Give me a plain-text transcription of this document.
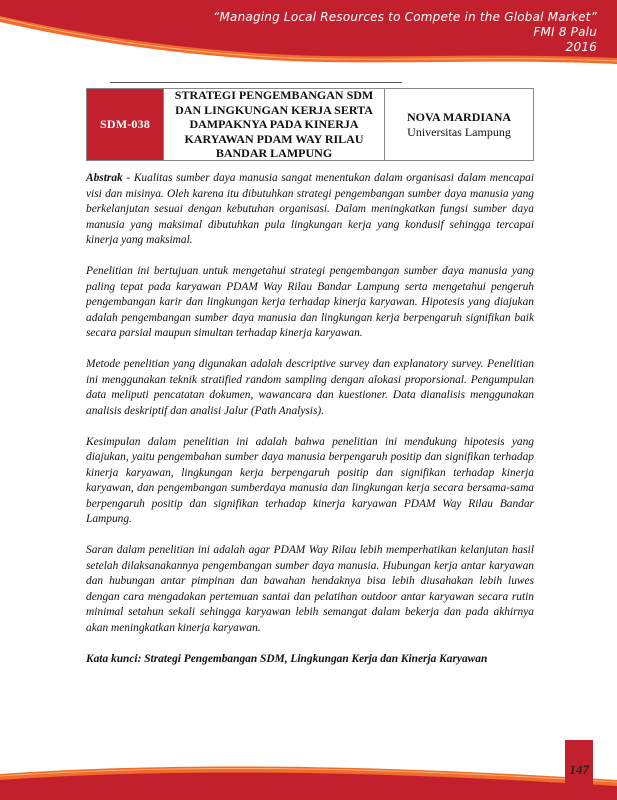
“Managing Local Resources to Compete in the Global Market”
FMI 8 Palu
2016
SDM-038
STRATEGI PENGEMBANGAN SDM
DAN LINGKUNGAN KERJA SERTA
DAMPAKNYA PADA KINERJA
KARYAWAN PDAM WAY RILAU
BANDAR LAMPUNG
NOVA MARDIANA
Universitas Lampung

Abstrak - Kualitas sumber daya manusia sangat menentukan dalam organisasi dalam mencapai visi dan misinya. Oleh karena itu dibutuhkan strategi pengembangan sumber daya manusia yang berkelanjutan sesuai dengan kebutuhan organisasi. Dalam meningkatkan fungsi sumber daya manusia yang maksimal dibutuhkan pula lingkungan kerja yang kondusif sehingga tercapai kinerja yang maksimal.

Penelitian ini bertujuan untuk mengetahui strategi pengembangan sumber daya manusia yang paling tepat pada karyawan PDAM Way Rilau Bandar Lampung serta mengetahui pengeruh pengembangan karir dan lingkungan kerja terhadap kinerja karyawan. Hipotesis yang diajukan adalah pengembangan sumber daya manusia dan lingkungan kerja berpengaruh signifikan baik secara parsial maupun simultan terhadap kinerja karyawan.

Metode penelitian yang digunakan adalah descriptive survey dan explanatory survey. Penelitian ini menggunakan teknik stratified random sampling dengan alokasi proporsional. Pengumpulan data meliputi pencatatan dokumen, wawancara dan kuestioner. Data dianalisis menggunakan analisis deskriptif dan analisi Jalur (Path Analysis).

Kesimpulan dalam penelitian ini adalah bahwa penelitian ini mendukung hipotesis yang diajukan, yaitu pengembahan sumber daya manusia berpengaruh positip dan signifikan terhadap kinerja karyawan, lingkungan kerja berpengaruh positip dan signifikan terhadap kinerja karyawan, dan pengembangan sumberdaya manusia dan lingkungan kerja secara bersama-sama berpengaruh positip dan signifikan terhadap kinerja karyawan PDAM Way Rilau Bandar Lampung.

Saran dalam penelitian ini adalah agar PDAM Way Rilau lebih memperhatikan kelanjutan hasil setelah dilaksanakannya pengembangan sumber daya manusia. Hubungan kerja antar karyawan dan hubungan antar pimpinan dan bawahan hendaknya bisa lebih diusahakan lebih luwes dengan cara mengadakan pertemuan santai dan pelatihan outdoor antar karyawan secara rutin minimal setahun sekali sehingga karyawan lebih semangat dalam bekerja dan pada akhirnya akan meningkatkan kinerja karyawan.

Kata kunci: Strategi Pengembangan SDM, Lingkungan Kerja dan Kinerja Karyawan

147
